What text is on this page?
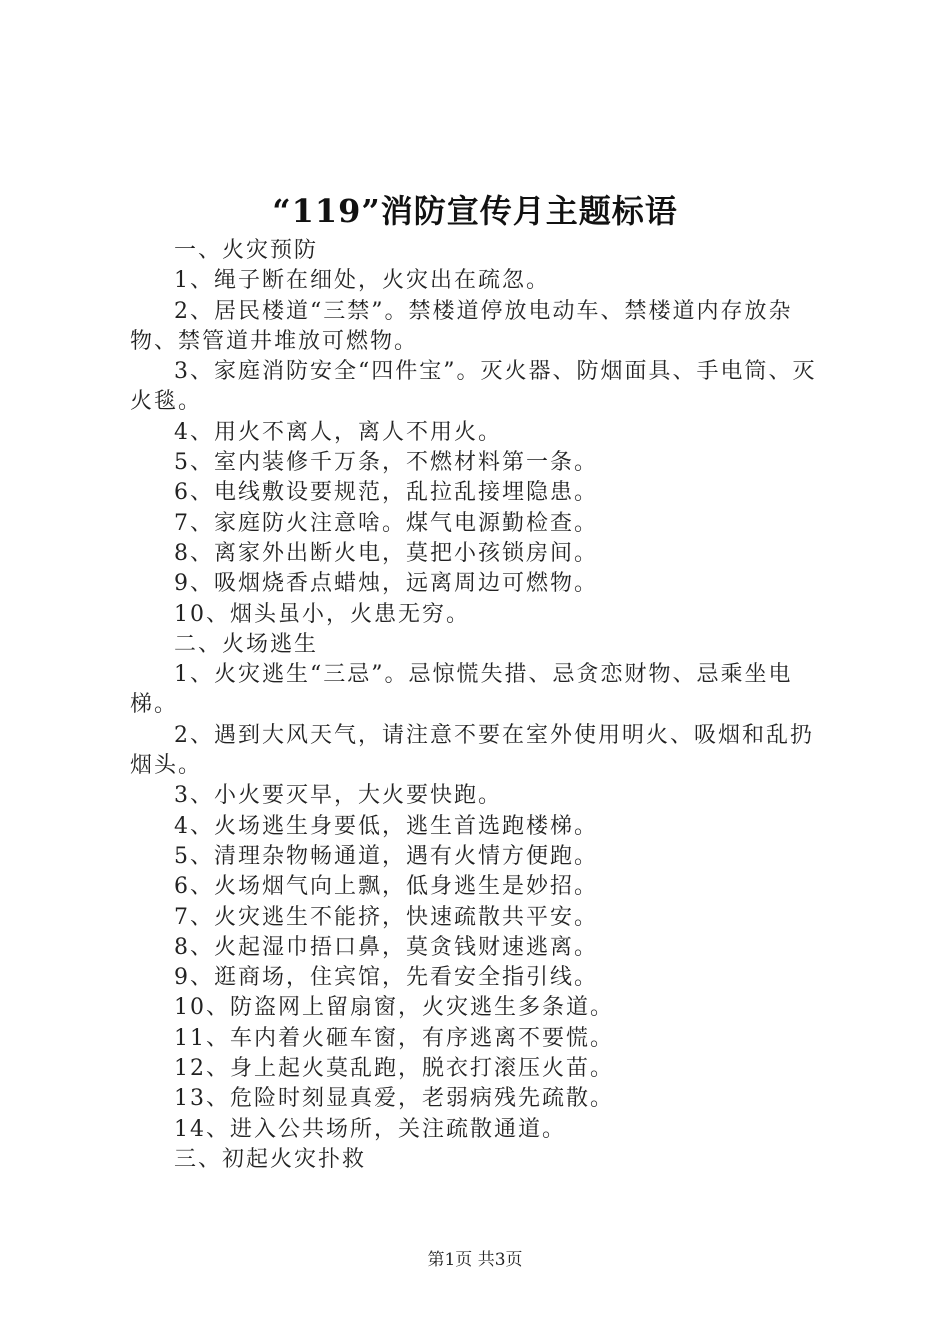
“119”消防宣传月主题标语

一、火灾预防

1、绳子断在细处，火灾出在疏忽。

2、居民楼道“三禁”。禁楼道停放电动车、禁楼道内存放杂物、禁管道井堆放可燃物。

3、家庭消防安全“四件宝”。灭火器、防烟面具、手电筒、灭火毯。

4、用火不离人，离人不用火。

5、室内装修千万条，不燃材料第一条。

6、电线敷设要规范，乱拉乱接埋隐患。

7、家庭防火注意啥。煤气电源勤检查。

8、离家外出断火电，莫把小孩锁房间。

9、吸烟烧香点蜡烛，远离周边可燃物。

10、烟头虽小，火患无穷。

二、火场逃生

1、火灾逃生“三忌”。忌惊慌失措、忌贪恋财物、忌乘坐电梯。

2、遇到大风天气，请注意不要在室外使用明火、吸烟和乱扔烟头。

3、小火要灭早，大火要快跑。

4、火场逃生身要低，逃生首选跑楼梯。

5、清理杂物畅通道，遇有火情方便跑。

6、火场烟气向上飘，低身逃生是妙招。

7、火灾逃生不能挤，快速疏散共平安。

8、火起湿巾捂口鼻，莫贪钱财速逃离。

9、逛商场，住宾馆，先看安全指引线。

10、防盗网上留扇窗，火灾逃生多条道。

11、车内着火砸车窗，有序逃离不要慌。

12、身上起火莫乱跑，脱衣打滚压火苗。

13、危险时刻显真爱，老弱病残先疏散。

14、进入公共场所，关注疏散通道。

三、初起火灾扑救

第1页 共3页
